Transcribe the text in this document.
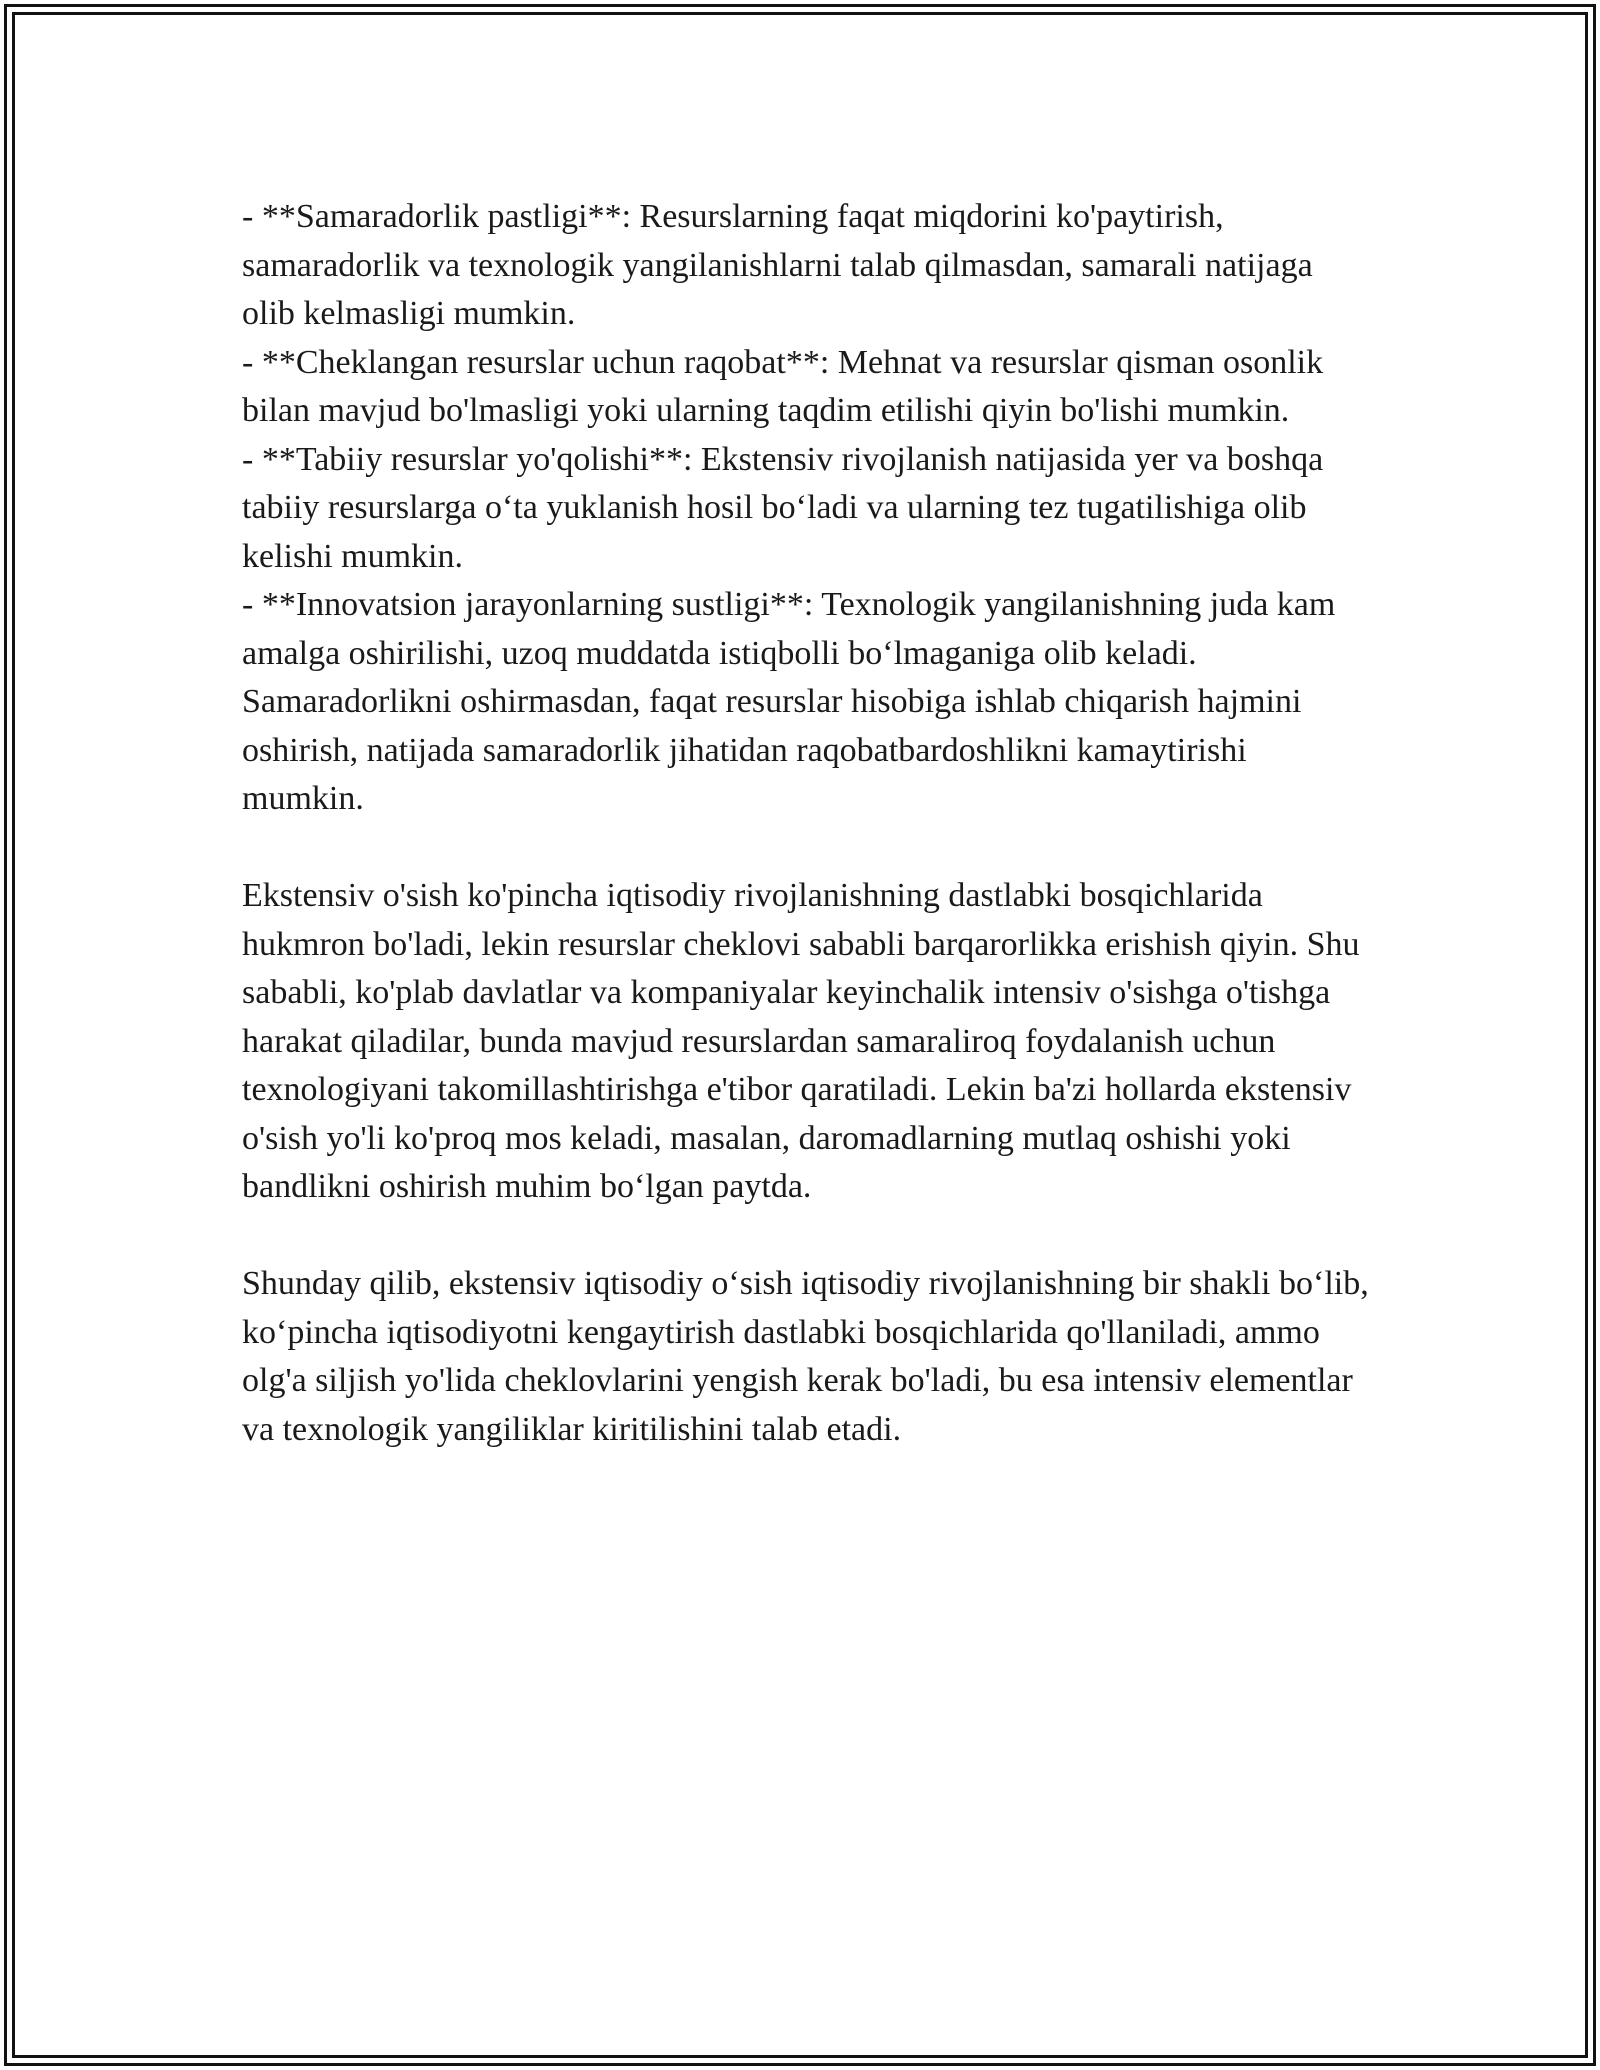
- **Samaradorlik pastligi**: Resurslarning faqat miqdorini ko'paytirish, samaradorlik va texnologik yangilanishlarni talab qilmasdan, samarali natijaga olib kelmasligi mumkin.

- **Cheklangan resurslar uchun raqobat**: Mehnat va resurslar qisman osonlik bilan mavjud bo'lmasligi yoki ularning taqdim etilishi qiyin bo'lishi mumkin.

- **Tabiiy resurslar yo'qolishi**: Ekstensiv rivojlanish natijasida yer va boshqa tabiiy resurslarga o‘ta yuklanish hosil bo‘ladi va ularning tez tugatilishiga olib kelishi mumkin.

- **Innovatsion jarayonlarning sustligi**: Texnologik yangilanishning juda kam amalga oshirilishi, uzoq muddatda istiqbolli bo‘lmaganiga olib keladi. Samaradorlikni oshirmasdan, faqat resurslar hisobiga ishlab chiqarish hajmini oshirish, natijada samaradorlik jihatidan raqobatbardoshlikni kamaytirishi mumkin.

Ekstensiv o'sish ko'pincha iqtisodiy rivojlanishning dastlabki bosqichlarida hukmron bo'ladi, lekin resurslar cheklovi sababli barqarorlikka erishish qiyin. Shu sababli, ko'plab davlatlar va kompaniyalar keyinchalik intensiv o'sishga o'tishga harakat qiladilar, bunda mavjud resurslardan samaraliroq foydalanish uchun texnologiyani takomillashtirishga e'tibor qaratiladi. Lekin ba'zi hollarda ekstensiv o'sish yo'li ko'proq mos keladi, masalan, daromadlarning mutlaq oshishi yoki bandlikni oshirish muhim bo‘lgan paytda.

Shunday qilib, ekstensiv iqtisodiy o‘sish iqtisodiy rivojlanishning bir shakli bo‘lib, ko‘pincha iqtisodiyotni kengaytirish dastlabki bosqichlarida qo'llaniladi, ammo olg'a siljish yo'lida cheklovlarini yengish kerak bo'ladi, bu esa intensiv elementlar va texnologik yangiliklar kiritilishini talab etadi.
